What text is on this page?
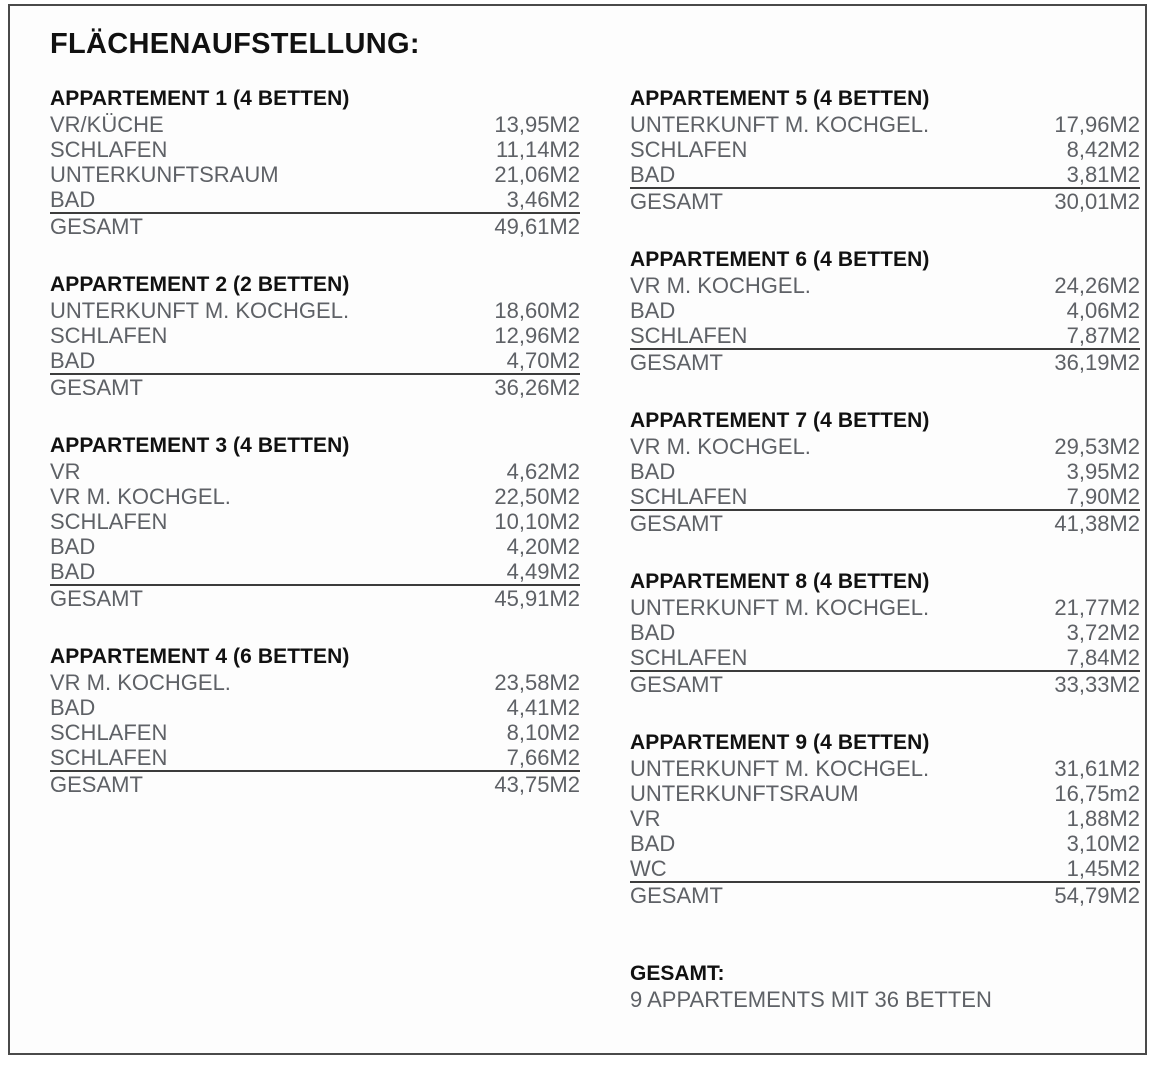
FLÄCHENAUFSTELLUNG:
APPARTEMENT 1 (4 BETTEN)
VR/KÜCHE	13,95M2
SCHLAFEN	11,14M2
UNTERKUNFTSRAUM	21,06M2
BAD	3,46M2
GESAMT	49,61M2
APPARTEMENT 2 (2 BETTEN)
UNTERKUNFT M. KOCHGEL.	18,60M2
SCHLAFEN	12,96M2
BAD	4,70M2
GESAMT	36,26M2
APPARTEMENT 3 (4 BETTEN)
VR	4,62M2
VR M. KOCHGEL.	22,50M2
SCHLAFEN	10,10M2
BAD	4,20M2
BAD	4,49M2
GESAMT	45,91M2
APPARTEMENT 4 (6 BETTEN)
VR M. KOCHGEL.	23,58M2
BAD	4,41M2
SCHLAFEN	8,10M2
SCHLAFEN	7,66M2
GESAMT	43,75M2
APPARTEMENT 5 (4 BETTEN)
UNTERKUNFT M. KOCHGEL.	17,96M2
SCHLAFEN	8,42M2
BAD	3,81M2
GESAMT	30,01M2
APPARTEMENT 6 (4 BETTEN)
VR M. KOCHGEL.	24,26M2
BAD	4,06M2
SCHLAFEN	7,87M2
GESAMT	36,19M2
APPARTEMENT 7 (4 BETTEN)
VR M. KOCHGEL.	29,53M2
BAD	3,95M2
SCHLAFEN	7,90M2
GESAMT	41,38M2
APPARTEMENT 8 (4 BETTEN)
UNTERKUNFT M. KOCHGEL.	21,77M2
BAD	3,72M2
SCHLAFEN	7,84M2
GESAMT	33,33M2
APPARTEMENT 9 (4 BETTEN)
UNTERKUNFT M. KOCHGEL.	31,61M2
UNTERKUNFTSRAUM	16,75m2
VR	1,88M2
BAD	3,10M2
WC	1,45M2
GESAMT	54,79M2
GESAMT:
9 APPARTEMENTS MIT 36 BETTEN
